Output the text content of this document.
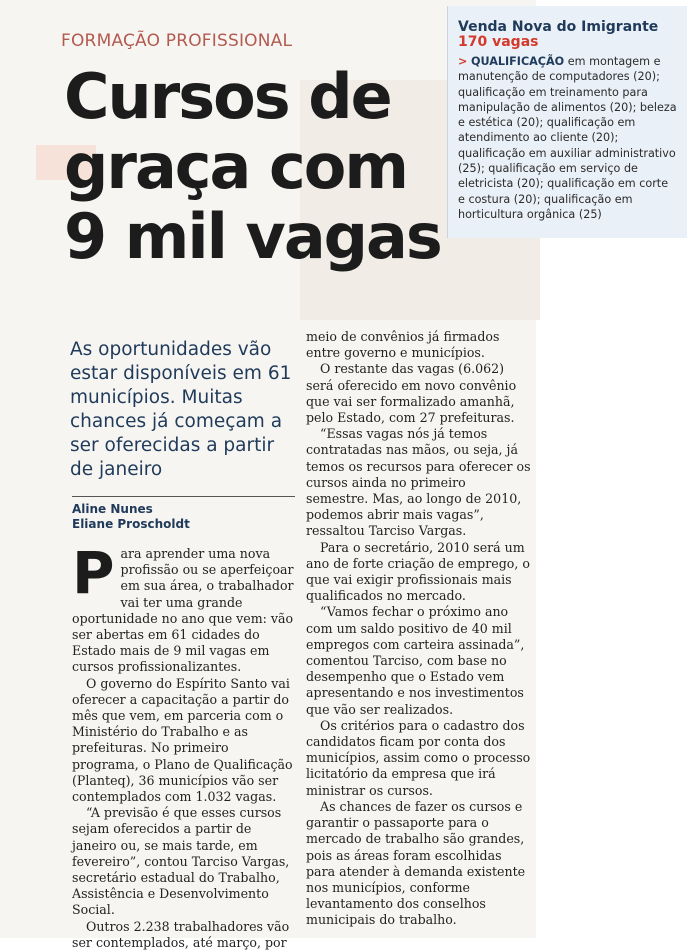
Venda Nova do Imigrante 170 vagas
> QUALIFICAÇÃO em montagem e manutenção de computadores (20); qualificação em treinamento para manipulação de alimentos (20); beleza e estética (20); qualificação em atendimento ao cliente (20); qualificação em auxiliar administrativo (25); qualificação em serviço de eletricista (20); qualificação em corte e costura (20); qualificação em horticultura orgânica (25)
FORMAÇÃO PROFISSIONAL
Cursos de
graça com
9 mil vagas
As oportunidades vão estar disponíveis em 61 municípios. Muitas chances já começam a ser oferecidas a partir de janeiro
Aline Nunes
Eliane Proscholdt
P ara aprender uma nova profissão ou se aperfeiçoar em sua área, o trabalhador vai ter uma grande oportunidade no ano que vem: vão ser abertas em 61 cidades do Estado mais de 9 mil vagas em cursos profissionalizantes.

O governo do Espírito Santo vai oferecer a capacitação a partir do mês que vem, em parceria com o Ministério do Trabalho e as prefeituras. No primeiro programa, o Plano de Qualificação (Planteq), 36 municípios vão ser contemplados com 1.032 vagas.

“A previsão é que esses cursos sejam oferecidos a partir de janeiro ou, se mais tarde, em fevereiro”, contou Tarciso Vargas, secretário estadual do Trabalho, Assistência e Desenvolvimento Social.

Outros 2.238 trabalhadores vão ser contemplados, até março, por

meio de convênios já firmados entre governo e municípios.

O restante das vagas (6.062) será oferecido em novo convênio que vai ser formalizado amanhã, pelo Estado, com 27 prefeituras.

“Essas vagas nós já temos contratadas nas mãos, ou seja, já temos os recursos para oferecer os cursos ainda no primeiro semestre. Mas, ao longo de 2010, podemos abrir mais vagas”, ressaltou Tarciso Vargas.

Para o secretário, 2010 será um ano de forte criação de emprego, o que vai exigir profissionais mais qualificados no mercado.

“Vamos fechar o próximo ano com um saldo positivo de 40 mil empregos com carteira assinada”, comentou Tarciso, com base no desempenho que o Estado vem apresentando e nos investimentos que vão ser realizados.

Os critérios para o cadastro dos candidatos ficam por conta dos municípios, assim como o processo licitatório da empresa que irá ministrar os cursos.

As chances de fazer os cursos e garantir o passaporte para o mercado de trabalho são grandes, pois as áreas foram escolhidas para atender à demanda existente nos municípios, conforme levantamento dos conselhos municipais do trabalho.
